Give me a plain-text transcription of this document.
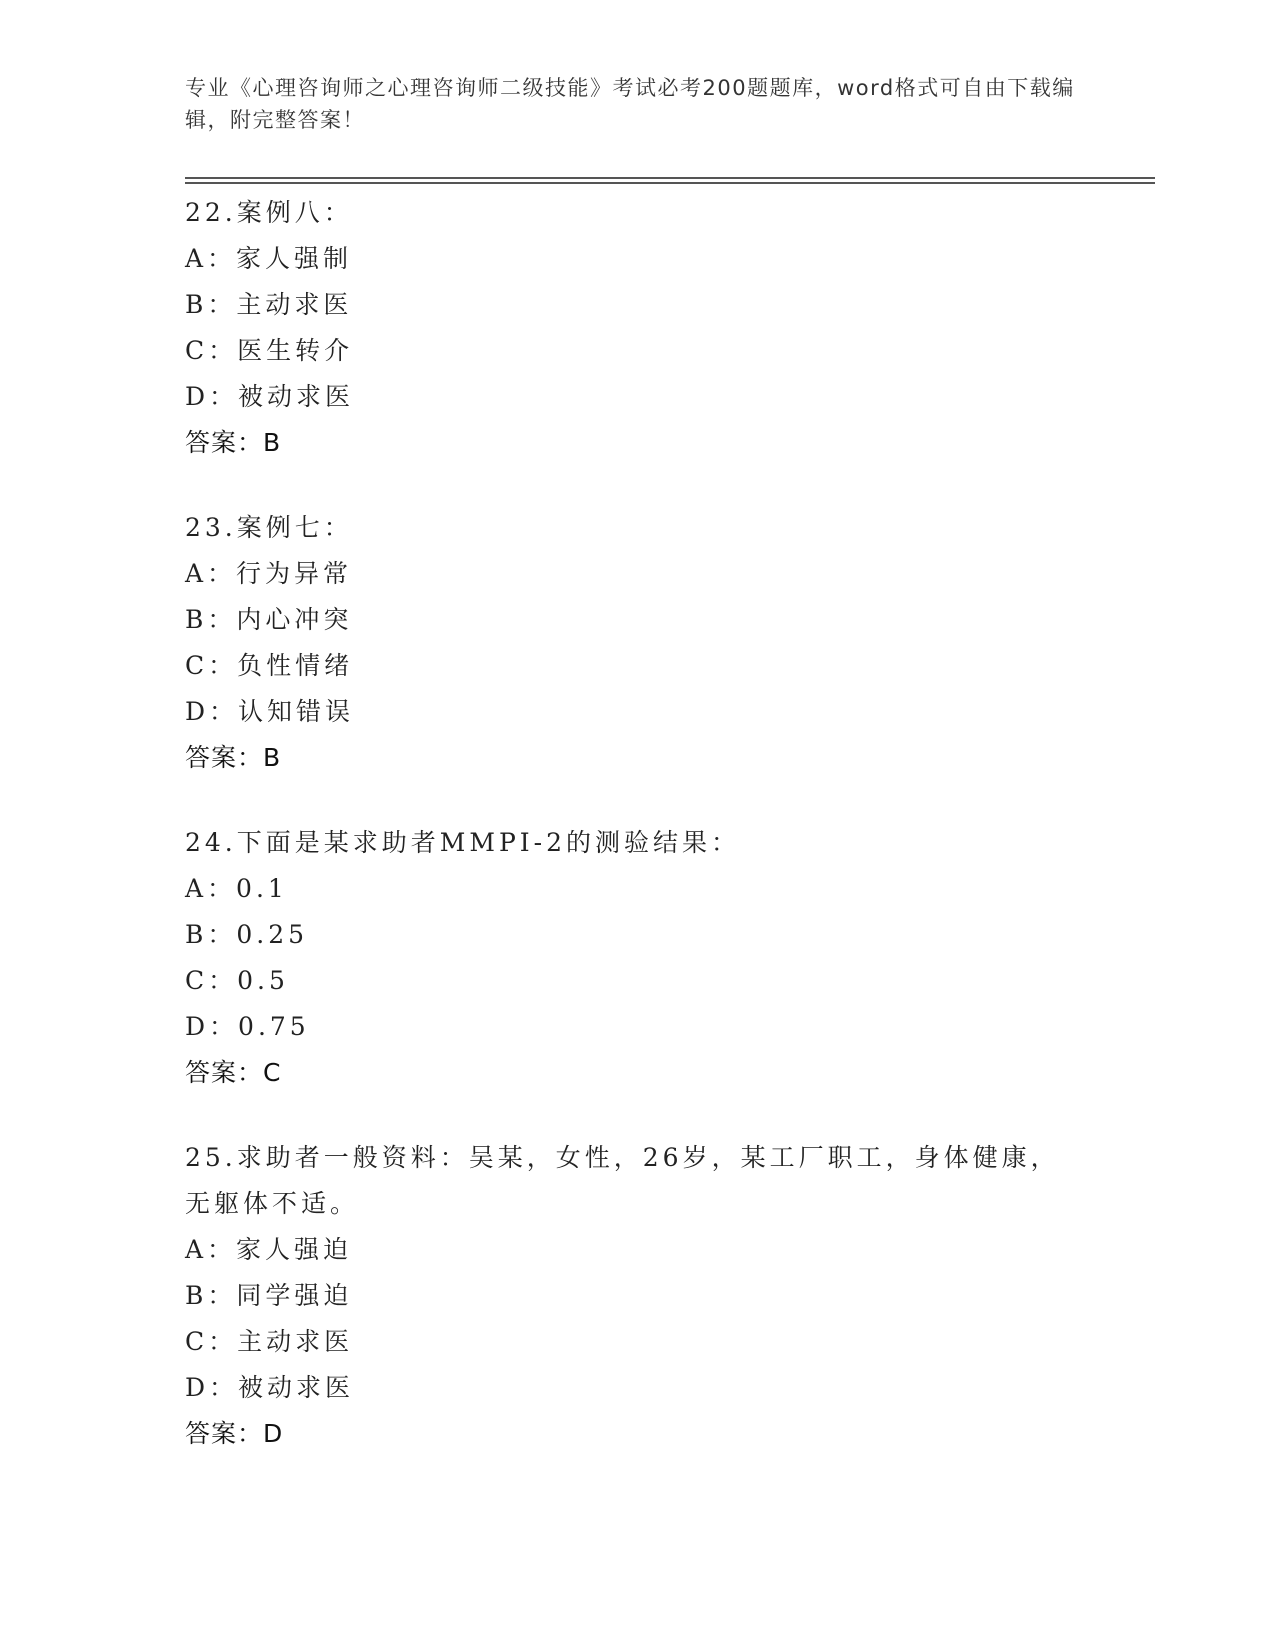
专业《心理咨询师之心理咨询师二级技能》考试必考200题题库，word格式可自由下载编辑，附完整答案！
22.案例八：
A：家人强制
B：主动求医
C：医生转介
D：被动求医
答案：B
23.案例七：
A：行为异常
B：内心冲突
C：负性情绪
D：认知错误
答案：B
24.下面是某求助者MMPI-2的测验结果：
A：0.1
B：0.25
C：0.5
D：0.75
答案：C
25.求助者一般资料：吴某，女性，26岁，某工厂职工，身体健康，无躯体不适。
A：家人强迫
B：同学强迫
C：主动求医
D：被动求医
答案：D
